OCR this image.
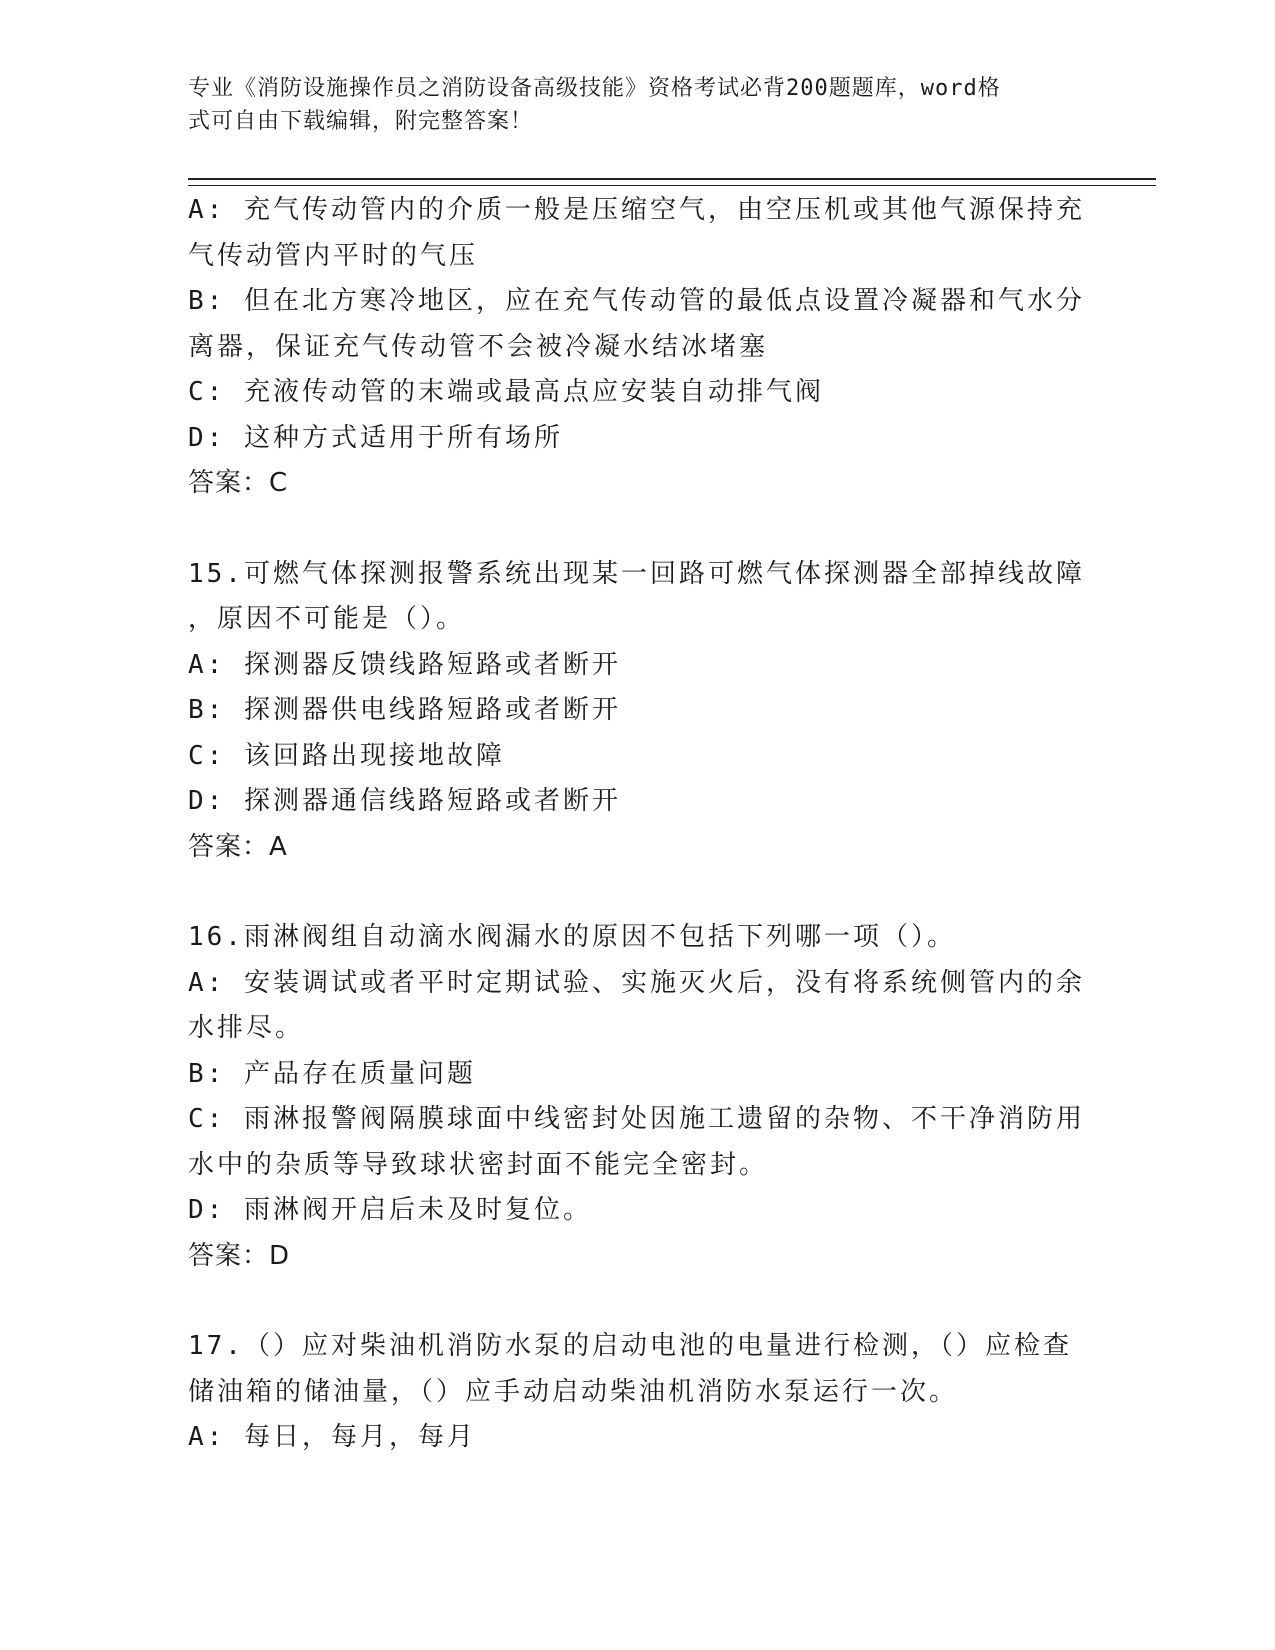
专业《消防设施操作员之消防设备高级技能》资格考试必背200题题库，word格
式可自由下载编辑，附完整答案！
A: 充气传动管内的介质一般是压缩空气，由空压机或其他气源保持充
气传动管内平时的气压
B: 但在北方寒冷地区，应在充气传动管的最低点设置冷凝器和气水分
离器，保证充气传动管不会被冷凝水结冰堵塞
C: 充液传动管的末端或最高点应安装自动排气阀
D: 这种方式适用于所有场所
答案：C
15.可燃气体探测报警系统出现某一回路可燃气体探测器全部掉线故障
，原因不可能是（）。
A: 探测器反馈线路短路或者断开
B: 探测器供电线路短路或者断开
C: 该回路出现接地故障
D: 探测器通信线路短路或者断开
答案：A
16.雨淋阀组自动滴水阀漏水的原因不包括下列哪一项（）。
A: 安装调试或者平时定期试验、实施灭火后，没有将系统侧管内的余
水排尽。
B: 产品存在质量问题
C: 雨淋报警阀隔膜球面中线密封处因施工遗留的杂物、不干净消防用
水中的杂质等导致球状密封面不能完全密封。
D: 雨淋阀开启后未及时复位。
答案：D
17.（）应对柴油机消防水泵的启动电池的电量进行检测，（）应检查
储油箱的储油量，（）应手动启动柴油机消防水泵运行一次。
A: 每日，每月，每月
